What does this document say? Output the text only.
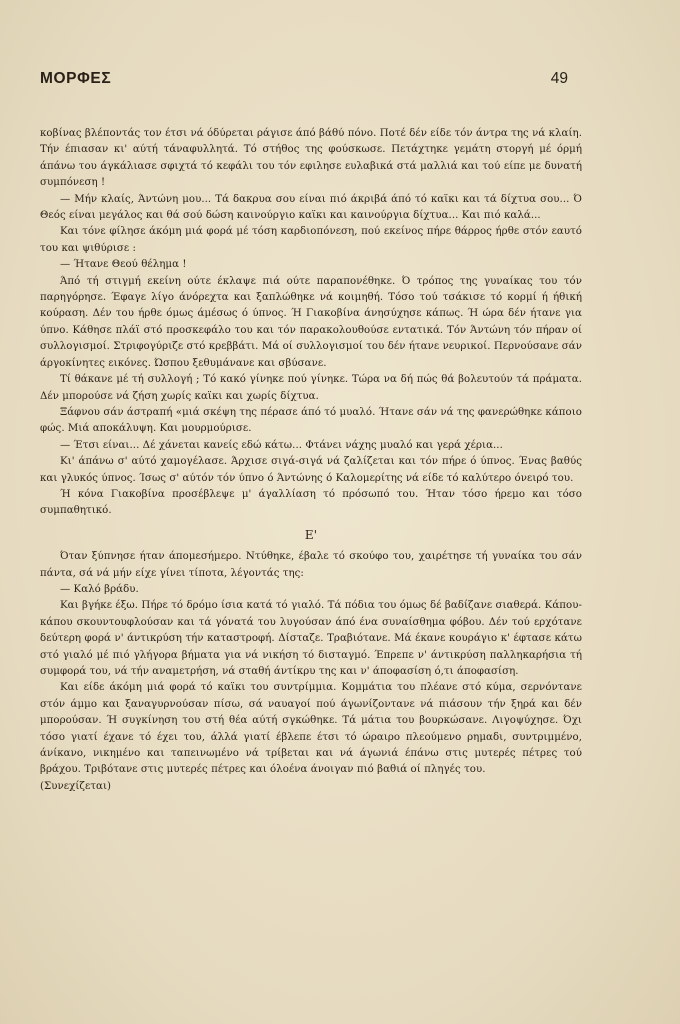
ΜΟΡΦΕΣ	49

κοβίνας βλέποντάς τον έτσι νά όδύρεται ράγισε άπό βάθύ πόνο. Ποτέ δέν είδε τόν άντρα της νά κλαίη. Τήν έπιασαν κι' αύτή τάναφυλλητά. Τό στήθος της φούσκωσε. Πετάχτηκε γεμάτη στοργή μέ όρμή άπάνω του άγκάλιασε σφιχτά τό κεφάλι του τόν εφιλησε ευλαβικά στά μαλλιά και τού είπε με δυνατή συμπόνεση !

— Μήν κλαίς, Άντώνη μου... Τά δακρυα σου είναι πιό άκριβά άπό τό καϊκι και τά δίχτυα σου... Ό Θεός είναι μεγάλος και θά σού δώση καινούργιο καϊκι και καινούργια δίχτυα... Και πιό καλά...

Και τόνε φίλησε άκόμη μιά φορά μέ τόση καρδιοπόνεση, πού εκείνος πήρε θάρρος ήρθε στόν εαυτό του και ψιθύρισε :

— Ήτανε Θεού θέλημα !

Άπό τή στιγμή εκείνη ούτε έκλαψε πιά ούτε παραπονέθηκε. Ό τρόπος της γυναίκας του τόν παρηγόρησε. Έφαγε λίγο άνόρεχτα και ξαπλώθηκε νά κοιμηθή. Τόσο τού τσάκισε τό κορμί ή ήθική κούραση. Δέν του ήρθε όμως άμέσως ό ύπνος. Ή Γιακοβίνα άνησύχησε κάπως. Ή ώρα δέν ήτανε για ύπνο. Κάθησε πλάϊ στό προσκεφάλο του και τόν παρακολουθούσε εντατικά. Τόν Άντώνη τόν πήραν οί συλλογισμοί. Στριφογύριζε στό κρεββάτι. Μά οί συλλογισμοί του δέν ήτανε νευρικοί. Περνούσανε σάν άργοκίνητες εικόνες. Ώσπου ξεθυμάνανε και σβύσανε.

Τί θάκανε μέ τή συλλογή ; Τό κακό γίνηκε πού γίνηκε. Τώρα να δή πώς θά βολευτούν τά πράματα. Δέν μπορούσε νά ζήση χωρίς καϊκι και χωρίς δίχτυα.

Ξάφνου σάν άστραπή «μιά σκέψη της πέρασε άπό τό μυαλό. Ήτανε σάν νά της φανερώθηκε κάποιο φώς. Μιά αποκάλυψη. Και μουρμούρισε.

— Έτσι είναι... Δέ χάνεται κανείς εδώ κάτω... Φτάνει νάχης μυαλό και γερά χέρια...

Κι' άπάνω σ' αύτό χαμογέλασε. Άρχισε σιγά-σιγά νά ζαλίζεται και τόν πήρε ό ύπνος. Ένας βαθύς και γλυκός ύπνος. Ίσως σ' αύτόν τόν ύπνο ό Άντώνης ό Καλομερίτης νά είδε τό καλύτερο όνειρό του.

Ή κόνα Γιακοβίνα προσέβλεψε μ' άγαλλίαση τό πρόσωπό του. Ήταν τόσο ήρεμο και τόσο συμπαθητικό.

Ε'

Όταν ξύπνησε ήταν άπομεσήμερο. Ντύθηκε, έβαλε τό σκούφο του, χαιρέτησε τή γυναίκα του σάν πάντα, σά νά μήν είχε γίνει τίποτα, λέγοντάς της:

— Καλό βράδυ.

Και βγήκε έξω. Πήρε τό δρόμο ίσια κατά τό γιαλό. Τά πόδια του όμως δέ βαδίζανε σιαθερά. Κάπου-κάπου σκουντουφλούσαν και τά γόνατά του λυγούσαν άπό ένα συναίσθημα φόβου. Δέν τού ερχότανε δεύτερη φορά ν' άντικρύση τήν καταστροφή. Δίσταζε. Τραβιότανε. Μά έκανε κουράγιο κ' έφτασε κάτω στό γιαλό μέ πιό γλήγορα βήματα για νά νικήση τό δισταγμό. Έπρεπε ν' άντικρύση παλληκαρήσια τή συμφορά του, νά τήν αναμετρήση, νά σταθή άντίκρυ της και ν' άποφασίση ό,τι άποφασίση.

Και είδε άκόμη μιά φορά τό καϊκι του συντρίμμια. Κομμάτια του πλέανε στό κύμα, σερνόντανε στόν άμμο και ξαναγυρνούσαν πίσω, σά ναυαγοί πού άγωνίζοντανε νά πιάσουν τήν ξηρά και δέν μπορούσαν. Ή συγκίνηση του στή θέα αύτή σγκώθηκε. Τά μάτια του βουρκώσανε. Λιγοψύχησε. Όχι τόσο γιατί έχανε τό έχει του, άλλά γιατί έβλεπε έτσι τό ώραιρο πλεούμενο ρημαδι, συντριμμένο, άνίκανο, νικημένο και ταπεινωμένο νά τρίβεται και νά άγωνιά έπάνω στις μυτερές πέτρες τού βράχου. Τριβότανε στις μυτερές πέτρες και όλοένα άνοιγαν πιό βαθιά οί πληγές του.

(Συνεχίζεται)
